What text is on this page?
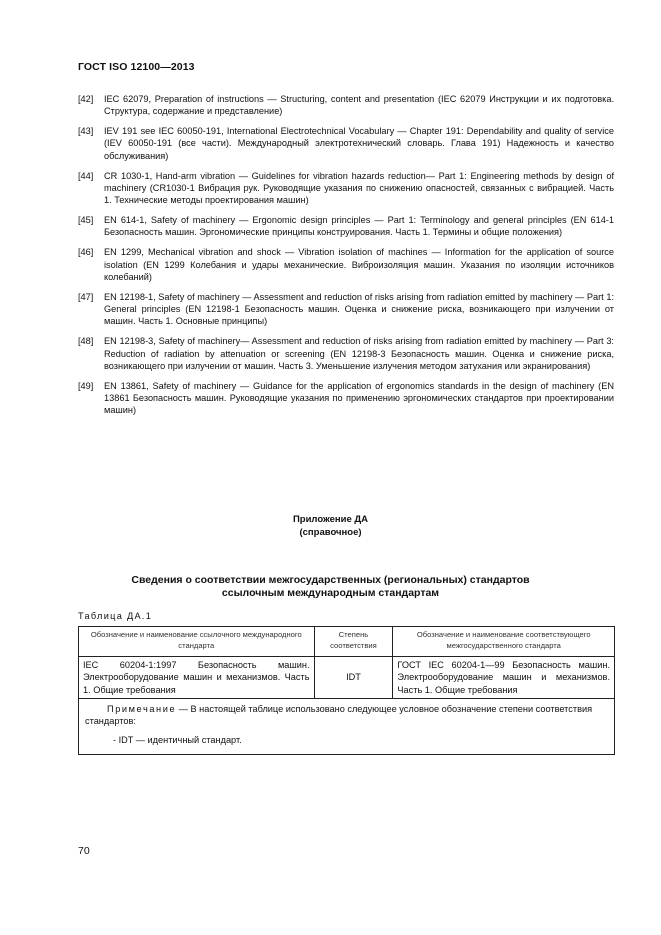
ГОСТ ISO 12100—2013
[42]	IEC 62079, Preparation of instructions — Structuring, content and presentation (IEC 62079 Инструкции и их подготовка. Структура, содержание и представление)
[43]	IEV 191 see IEC 60050-191, International Electrotechnical Vocabulary — Chapter 191: Dependability and quality of service (IEV 60050-191 (все части). Международный электротехнический словарь. Глава 191) Надежность и качество обслуживания)
[44]	CR 1030-1, Hand-arm vibration — Guidelines for vibration hazards reduction— Part 1: Engineering methods by design of machinery (CR1030-1 Вибрация рук. Руководящие указания по снижению опасностей, связанных с вибрацией. Часть 1. Технические методы проектирования машин)
[45]	EN 614-1, Safety of machinery — Ergonomic design principles — Part 1: Terminology and general principles (EN 614-1 Безопасность машин. Эргономические принципы конструирования. Часть 1. Термины и общие положения)
[46]	EN 1299, Mechanical vibration and shock — Vibration isolation of machines — Information for the application of source isolation (EN 1299 Колебания и удары механические. Виброизоляция машин. Указания по изоляции источников колебаний)
[47]	EN 12198-1, Safety of machinery — Assessment and reduction of risks arising from radiation emitted by machinery — Part 1: General principles (EN 12198-1 Безопасность машин. Оценка и снижение риска, возникающего при излучении от машин. Часть 1. Основные принципы)
[48]	EN 12198-3, Safety of machinery— Assessment and reduction of risks arising from radiation emitted by machinery — Part 3: Reduction of radiation by attenuation or screening (EN 12198-3 Безопасность машин. Оценка и снижение риска, возникающего при излучении от машин. Часть 3. Уменьшение излучения методом затухания или экранирования)
[49]	EN 13861, Safety of machinery — Guidance for the application of ergonomics standards in the design of machinery (EN 13861 Безопасность машин. Руководящие указания по применению эргономических стандартов при проектировании машин)
Приложение ДА
(справочное)
Сведения о соответствии межгосударственных (региональных) стандартов
ссылочным международным стандартам
Таблица ДА.1
Обозначение и наименование ссылочного международного стандарта	Степень соответствия	Обозначение и наименование соответствующего межгосударственного стандарта
IEC 60204-1:1997 Безопасность машин. Электрооборудование машин и механизмов. Часть 1. Общие требования	IDT	ГОСТ IEC 60204-1—99 Безопасность машин. Электрооборудование машин и механизмов. Часть 1. Общие требования

Примечание — В настоящей таблице использовано следующее условное обозначение степени соответствия стандартов:
- IDT — идентичный стандарт.		
70
